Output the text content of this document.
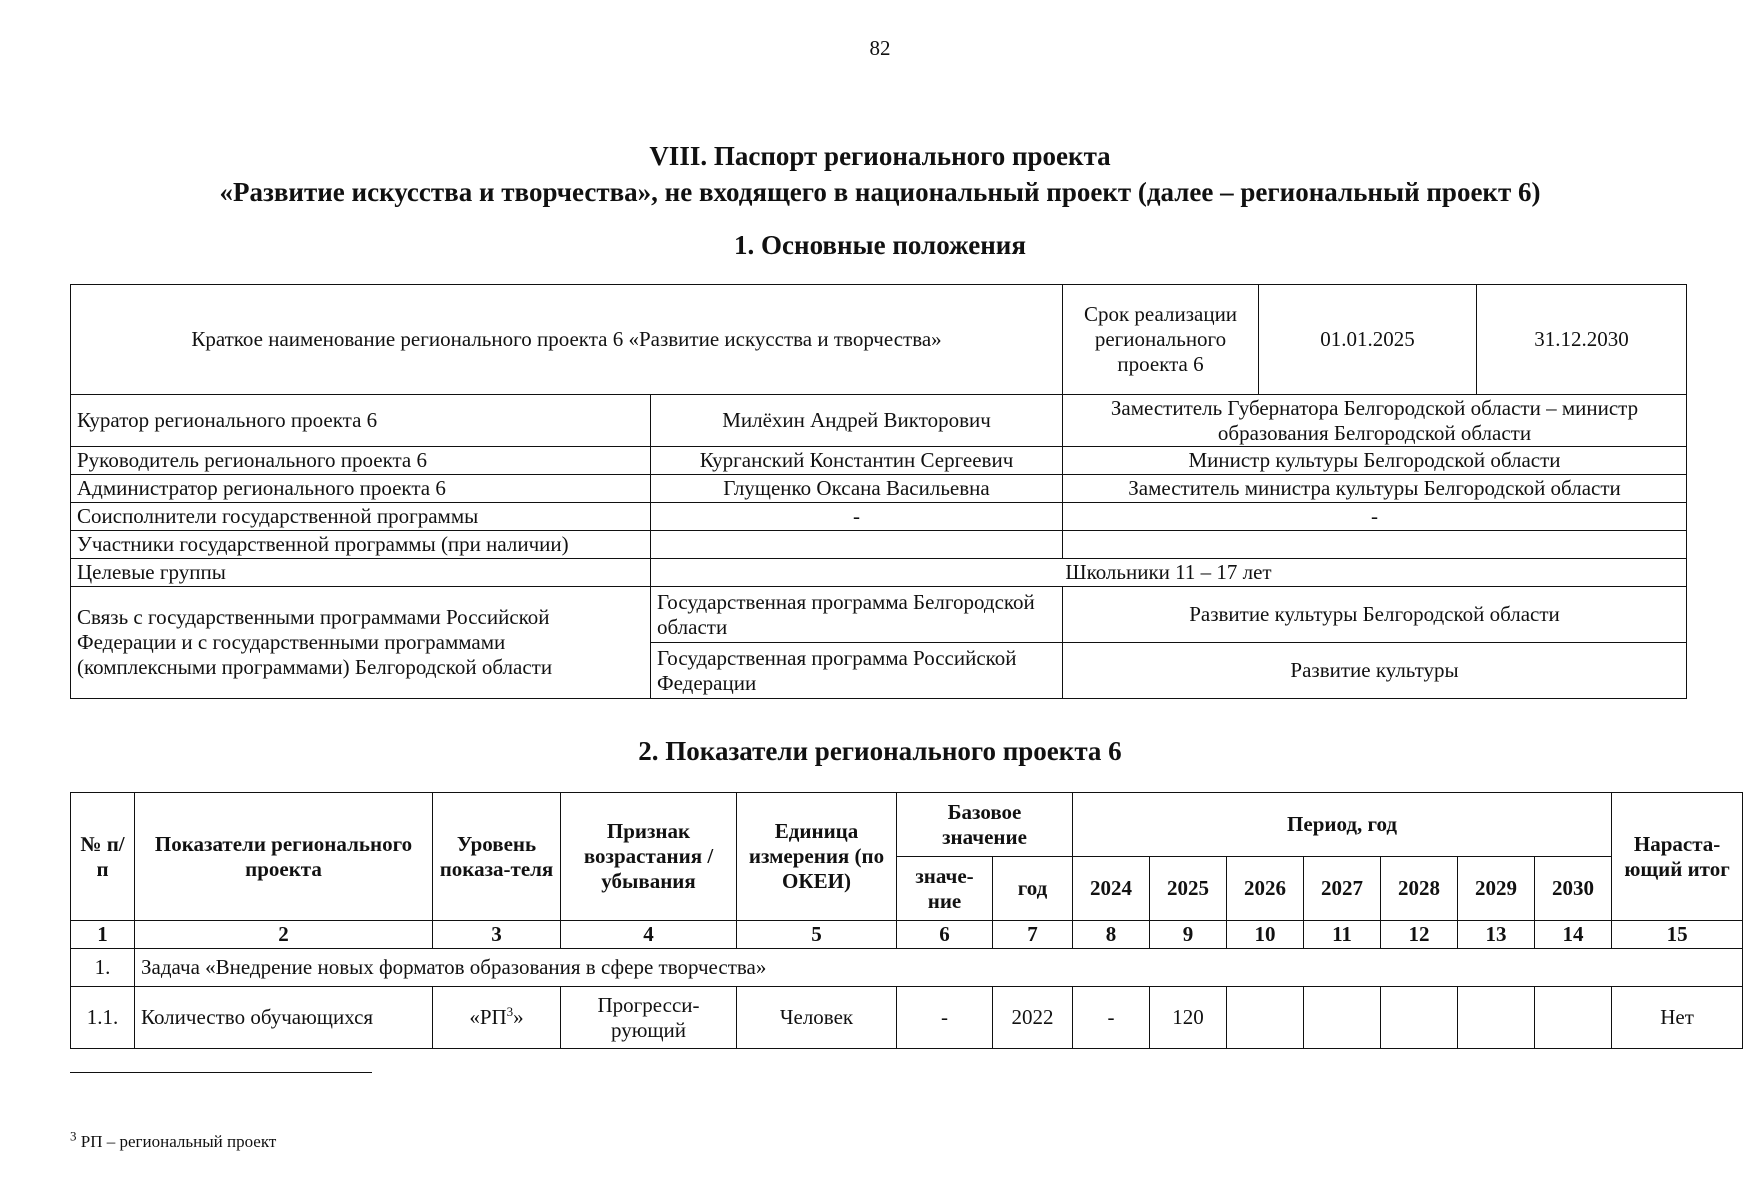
82
VIII. Паспорт регионального проекта
«Развитие искусства и творчества», не входящего в национальный проект (далее – региональный проект 6)
1. Основные положения
Краткое наименование регионального проекта 6 «Развитие искусства и творчества»		Срок реализации регионального проекта 6	01.01.2025	31.12.2030
Куратор регионального проекта 6	Милёхин Андрей Викторович	Заместитель Губернатора Белгородской области – министр образования Белгородской области		
Руководитель регионального проекта 6	Курганский Константин Сергеевич	Министр культуры Белгородской области		
Администратор регионального проекта 6	Глущенко Оксана Васильевна	Заместитель министра культуры Белгородской области		
Соисполнители государственной программы	-	-		
Участники государственной программы (при наличии)				
Целевые группы	Школьники 11 – 17 лет			
Связь с государственными программами Российской Федерации и с государственными программами (комплексными программами) Белгородской области	Государственная программа Белгородской области	Развитие культуры Белгородской области		
	Государственная программа Российской Федерации	Развитие культуры		
2. Показатели регионального проекта 6
№ п/п	Показатели регионального проекта	Уровень показа-теля	Признак возрастания / убывания	Единица измерения (по ОКЕИ)	Базовое значение		Период, год							Нараста-ющий итог
					значе-ние	год	2024	2025	2026	2027	2028	2029	2030	
1	2	3	4	5	6	7	8	9	10	11	12	13	14	15
1.	Задача «Внедрение новых форматов образования в сфере творчества»													
1.1.	Количество обучающихся	«$РП^3$»	Прогресси-рующий	Человек	-	2022	-	120						Нет
$^3$ РП – региональный проект
